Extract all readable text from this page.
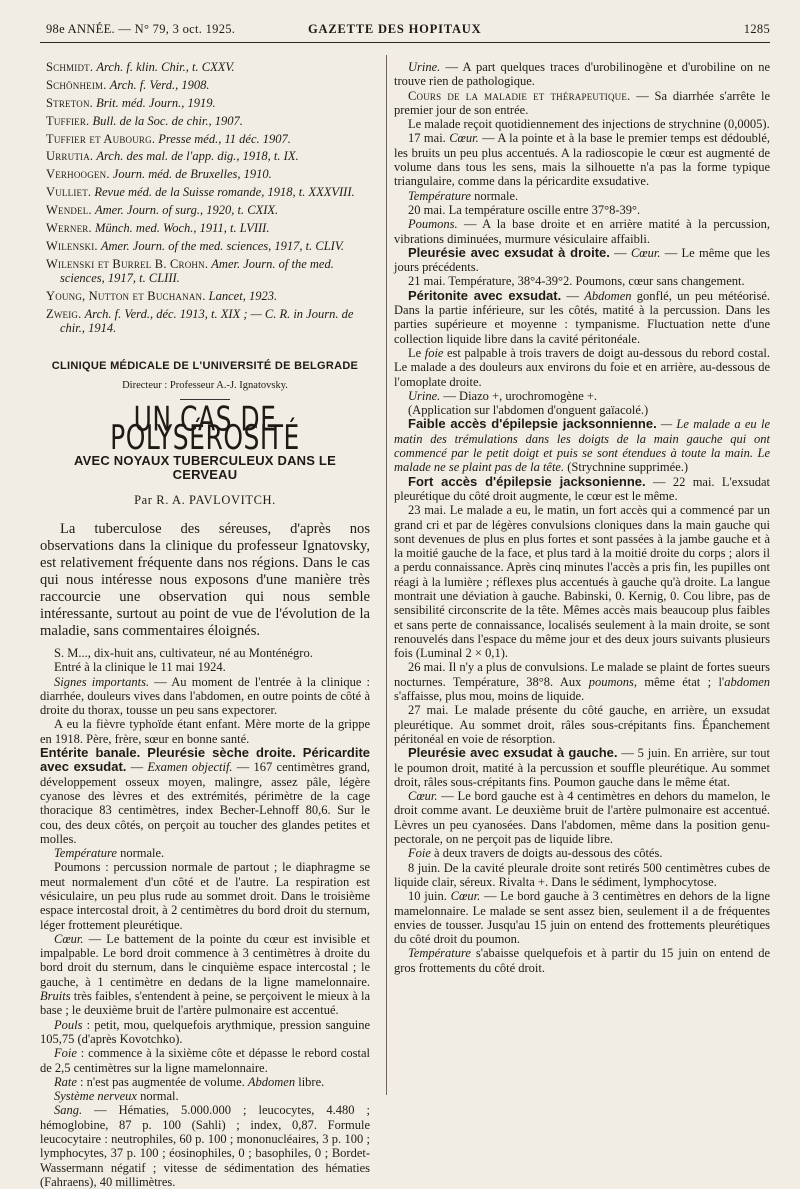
98e ANNÉE. — N° 79, 3 oct. 1925.	GAZETTE DES HOPITAUX	1285
Schmidt. Arch. f. klin. Chir., t. CXXV.
Schönheim. Arch. f. Verd., 1908.
Streton. Brit. méd. Journ., 1919.
Tuffier. Bull. de la Soc. de chir., 1907.
Tuffier et Aubourg. Presse méd., 11 déc. 1907.
Urrutia. Arch. des mal. de l'app. dig., 1918, t. IX.
Verhoogen. Journ. méd. de Bruxelles, 1910.
Vulliet. Revue méd. de la Suisse romande, 1918, t. XXXVIII.
Wendel. Amer. Journ. of surg., 1920, t. CXIX.
Werner. Münch. med. Woch., 1911, t. LVIII.
Wilenski. Amer. Journ. of the med. sciences, 1917, t. CLIV.
Wilenski et Burrel B. Crohn. Amer. Journ. of the med. sciences, 1917, t. CLIII.
Young, Nutton et Buchanan. Lancet, 1923.
Zweig. Arch. f. Verd., déc. 1913, t. XIX ; — C. R. in Journ. de chir., 1914.
CLINIQUE MÉDICALE DE L'UNIVERSITÉ DE BELGRADE
Directeur : Professeur A.-J. Ignatovsky.
UN CAS DE POLYSÉROSITÉ
AVEC NOYAUX TUBERCULEUX DANS LE CERVEAU
Par R. A. PAVLOVITCH.

La tuberculose des séreuses, d'après nos observations dans la clinique du professeur Ignatovsky, est relativement fréquente dans nos régions. Dans le cas qui nous intéresse nous exposons d'une manière très raccourcie une observation qui nous semble intéressante, surtout au point de vue de l'évolution de la maladie, sans commentaires éloignés.

S. M..., dix-huit ans, cultivateur, né au Monténégro.

Entré à la clinique le 11 mai 1924.

Signes importants. — Au moment de l'entrée à la clinique : diarrhée, douleurs vives dans l'abdomen, en outre points de côté à droite du thorax, tousse un peu sans expectorer.

A eu la fièvre typhoïde étant enfant. Mère morte de la grippe en 1918. Père, frère, sœur en bonne santé.

Entérite banale. Pleurésie sèche droite. Péricardite avec exsudat. — Examen objectif. — 167 centimètres grand, développement osseux moyen, malingre, assez pâle, légère cyanose des lèvres et des extrémités, périmètre de la cage thoracique 83 centimètres, index Becher-Lehnoff 80,6. Sur le cou, des deux côtés, on perçoit au toucher des glandes petites et molles.

Température normale.

Poumons : percussion normale de partout ; le diaphragme se meut normalement d'un côté et de l'autre. La respiration est vésiculaire, un peu plus rude au sommet droit. Dans le troisième espace intercostal droit, à 2 centimètres du bord droit du sternum, léger frottement pleurétique.

Cœur. — Le battement de la pointe du cœur est invisible et impalpable. Le bord droit commence à 3 centimètres à droite du bord droit du sternum, dans le cinquième espace intercostal ; le gauche, à 1 centimètre en dedans de la ligne mamelonnaire. Bruits très faibles, s'entendent à peine, se perçoivent le mieux à la base ; le deuxième bruit de l'artère pulmonaire est accentué.

Pouls : petit, mou, quelquefois arythmique, pression sanguine 105,75 (d'après Kovotchko).

Foie : commence à la sixième côte et dépasse le rebord costal de 2,5 centimètres sur la ligne mamelonnaire.

Rate : n'est pas augmentée de volume. Abdomen libre.

Système nerveux normal.

Sang. — Hématies, 5.000.000 ; leucocytes, 4.480 ; hémoglobine, 87 p. 100 (Sahli) ; index, 0,87. Formule leucocytaire : neutrophiles, 60 p. 100 ; mononucléaires, 3 p. 100 ; lymphocytes, 37 p. 100 ; éosinophiles, 0 ; basophiles, 0 ; Bordet-Wassermann négatif ; vitesse de sédimentation des hématies (Fahraens), 40 millimètres.

Urine. — A part quelques traces d'urobilinogène et d'urobiline on ne trouve rien de pathologique.

Cours de la maladie et thérapeutique. — Sa diarrhée s'arrête le premier jour de son entrée.

Le malade reçoit quotidiennement des injections de strychnine (0,0005).

17 mai. Cœur. — A la pointe et à la base le premier temps est dédoublé, les bruits un peu plus accentués. A la radioscopie le cœur est augmenté de volume dans tous les sens, mais la silhouette n'a pas la forme typique triangulaire, comme dans la péricardite exsudative.

Température normale.

20 mai. La température oscille entre 37°8-39°.

Poumons. — A la base droite et en arrière matité à la percussion, vibrations diminuées, murmure vésiculaire affaibli.

Pleurésie avec exsudat à droite. — Cœur. — Le même que les jours précédents.

21 mai. Température, 38°4-39°2. Poumons, cœur sans changement.

Péritonite avec exsudat. — Abdomen gonflé, un peu météorisé. Dans la partie inférieure, sur les côtés, matité à la percussion. Dans les parties supérieure et moyenne : tympanisme. Fluctuation nette d'une collection liquide libre dans la cavité péritonéale.

Le foie est palpable à trois travers de doigt au-dessous du rebord costal. Le malade a des douleurs aux environs du foie et en arrière, au-dessous de l'omoplate droite.

Urine. — Diazo +, urochromogène +.

(Application sur l'abdomen d'onguent gaïacolé.)

Faible accès d'épilepsie jacksonnienne. — Le malade a eu le matin des trémulations dans les doigts de la main gauche qui ont commencé par le petit doigt et puis se sont étendues à toute la main. Le malade ne se plaint pas de la tête. (Strychnine supprimée.)

Fort accès d'épilepsie jacksonienne. — 22 mai. L'exsudat pleurétique du côté droit augmente, le cœur est le même.

23 mai. Le malade a eu, le matin, un fort accès qui a commencé par un grand cri et par de légères convulsions cloniques dans la main gauche qui sont devenues de plus en plus fortes et sont passées à la jambe gauche et à la moitié gauche de la face, et plus tard à la moitié droite du corps ; alors il a perdu connaissance. Après cinq minutes l'accès a pris fin, les pupilles ont réagi à la lumière ; réflexes plus accentués à gauche qu'à droite. La langue montrait une déviation à gauche. Babinski, 0. Kernig, 0. Cou libre, pas de sensibilité circonscrite de la tête. Mêmes accès mais beaucoup plus faibles et sans perte de connaissance, localisés seulement à la main droite, se sont renouvelés dans l'espace du même jour et des deux jours suivants plusieurs fois (Luminal 2 × 0,1).

26 mai. Il n'y a plus de convulsions. Le malade se plaint de fortes sueurs nocturnes. Température, 38°8. Aux poumons, même état ; l'abdomen s'affaisse, plus mou, moins de liquide.

27 mai. Le malade présente du côté gauche, en arrière, un exsudat pleurétique. Au sommet droit, râles sous-crépitants fins. Épanchement péritonéal en voie de résorption.

Pleurésie avec exsudat à gauche. — 5 juin. En arrière, sur tout le poumon droit, matité à la percussion et souffle pleurétique. Au sommet droit, râles sous-crépitants fins. Poumon gauche dans le même état.

Cœur. — Le bord gauche est à 4 centimètres en dehors du mamelon, le droit comme avant. Le deuxième bruit de l'artère pulmonaire est accentué. Lèvres un peu cyanosées. Dans l'abdomen, même dans la position genu-pectorale, on ne perçoit pas de liquide libre.

Foie à deux travers de doigts au-dessous des côtés.

8 juin. De la cavité pleurale droite sont retirés 500 centimètres cubes de liquide clair, séreux. Rivalta +. Dans le sédiment, lymphocytose.

10 juin. Cœur. — Le bord gauche à 3 centimètres en dehors de la ligne mamelonnaire. Le malade se sent assez bien, seulement il a de fréquentes envies de tousser. Jusqu'au 15 juin on entend des frottements pleurétiques du côté droit du poumon.

Température s'abaisse quelquefois et à partir du 15 juin on entend de gros frottements du côté droit.
